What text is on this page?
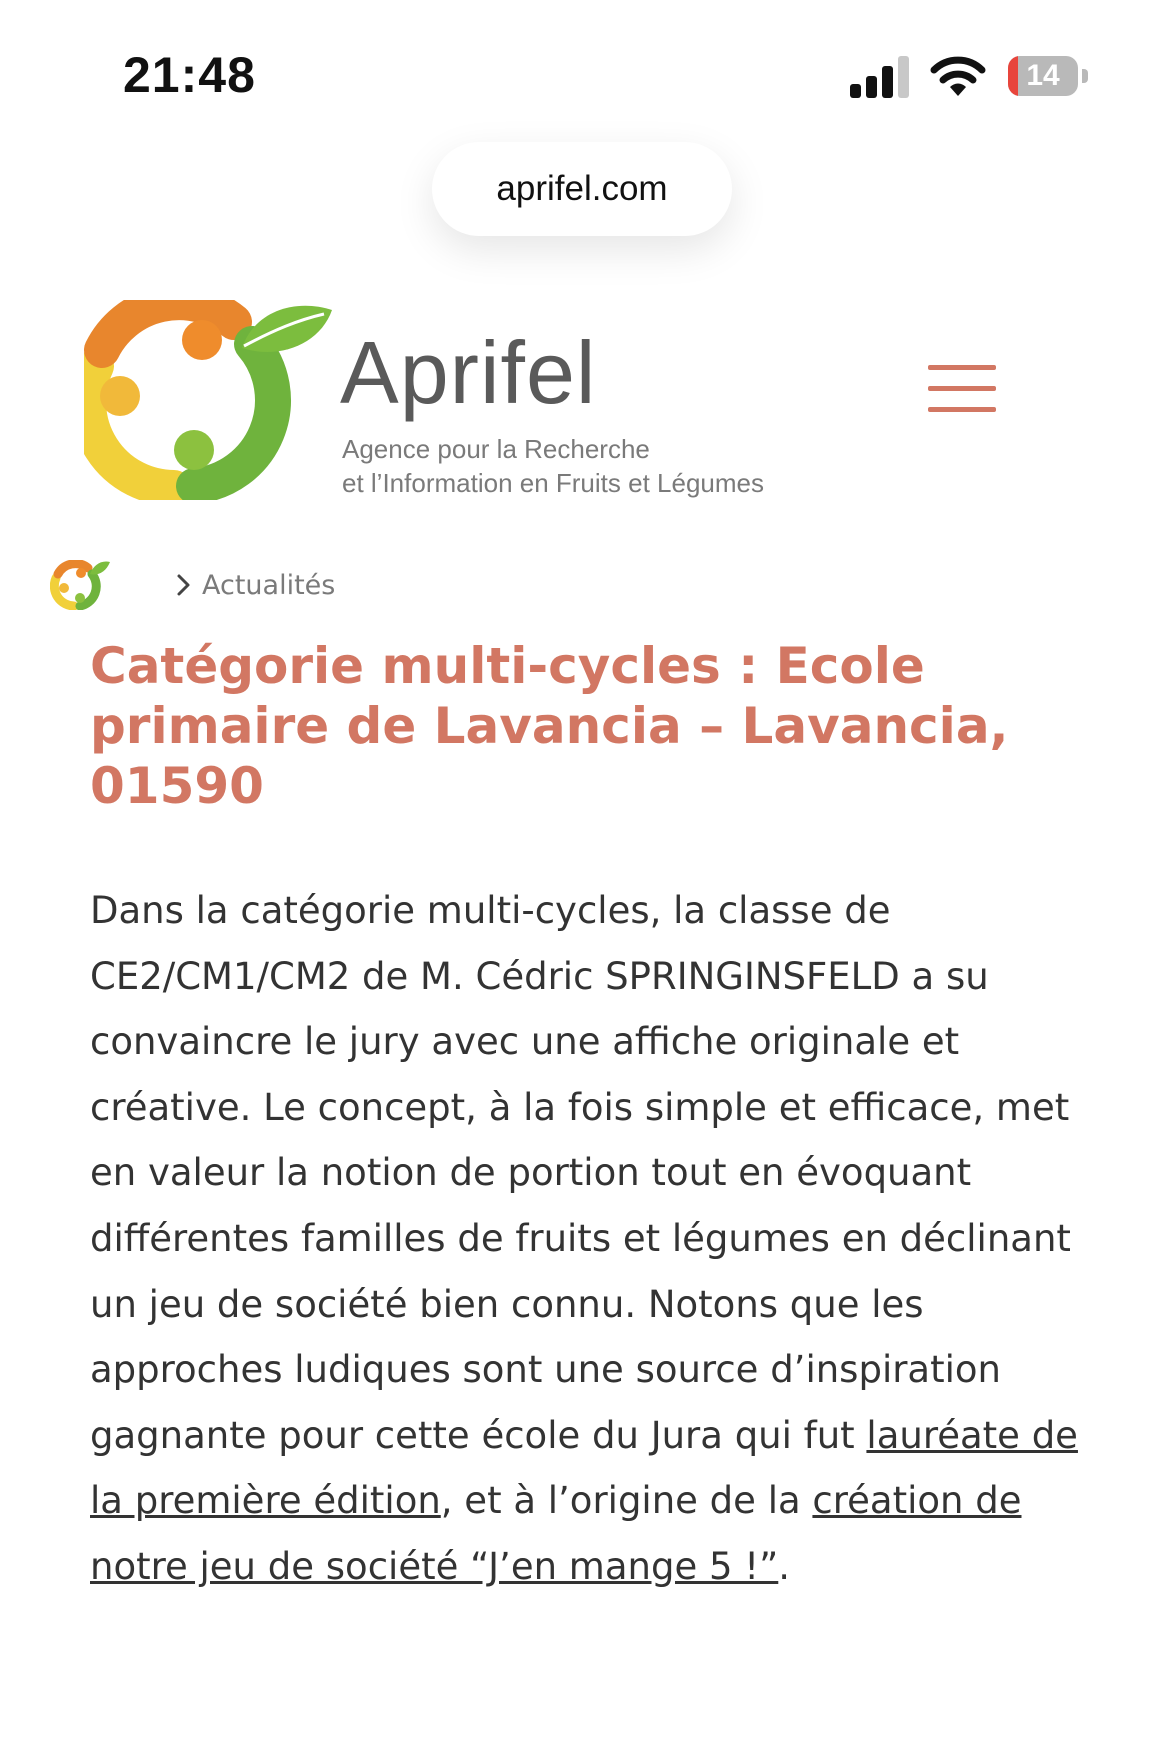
21:48	14
aprifel.com
Aprifel
Agence pour la Recherche
et l’Information en Fruits et Légumes
Actualités
Catégorie multi-cycles : Ecole primaire de Lavancia – Lavancia, 01590

Dans la catégorie multi-cycles, la classe de CE2/CM1/CM2 de M. Cédric SPRINGINSFELD a su convaincre le jury avec une affiche originale et créative. Le concept, à la fois simple et efficace, met en valeur la notion de portion tout en évoquant différentes familles de fruits et légumes en déclinant un jeu de société bien connu. Notons que les approches ludiques sont une source d’inspiration gagnante pour cette école du Jura qui fut lauréate de la première édition, et à l’origine de la création de notre jeu de société “J’en mange 5 !”.
